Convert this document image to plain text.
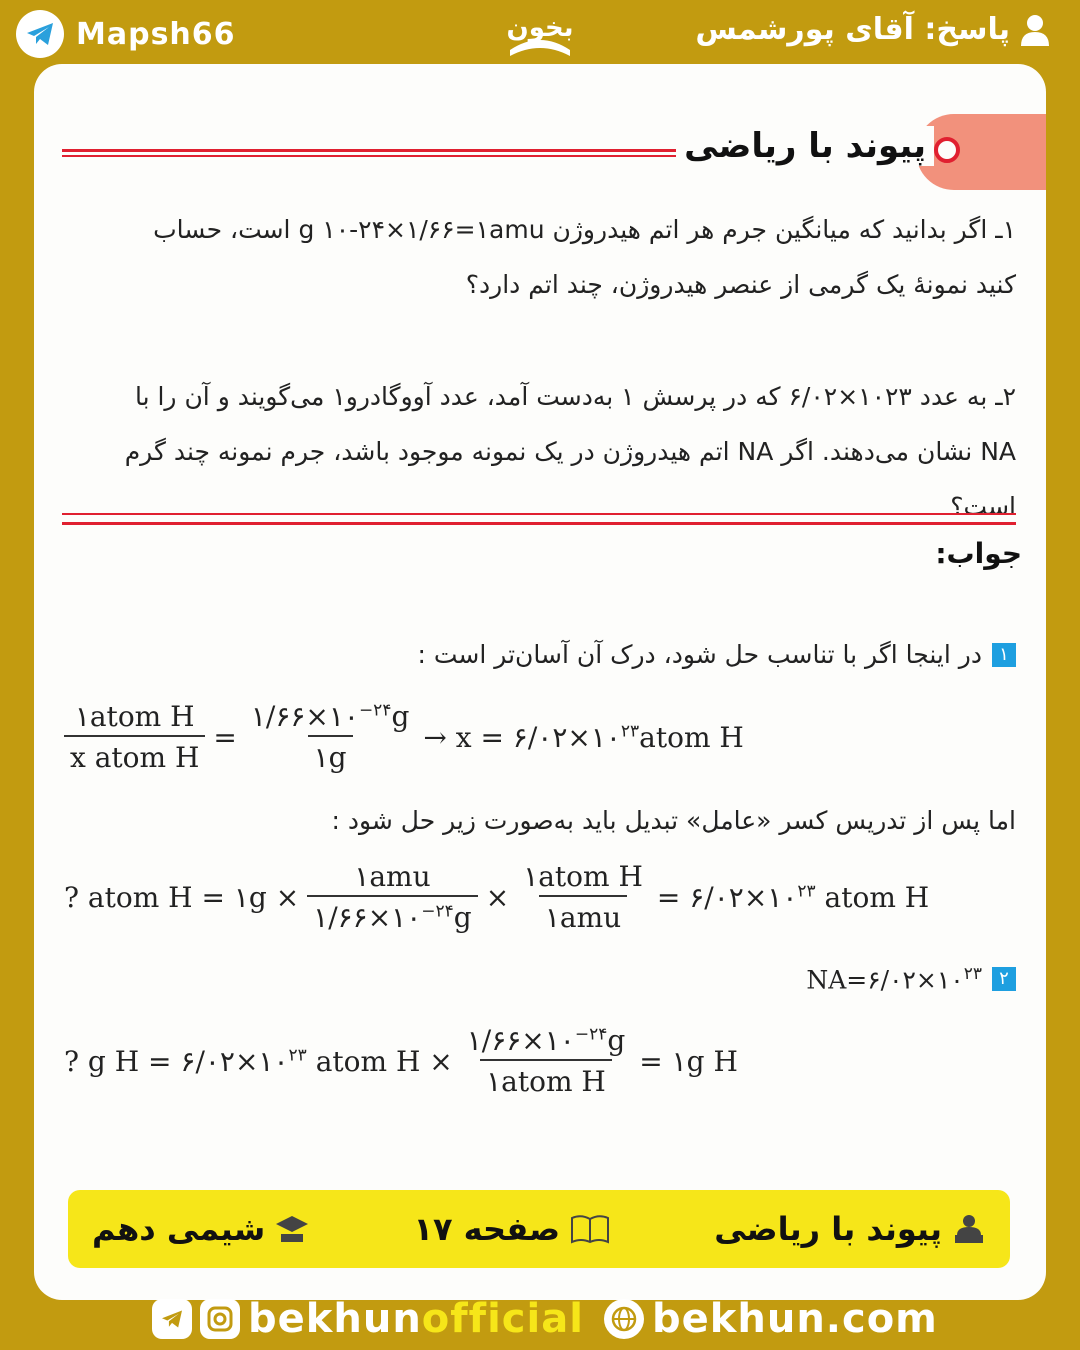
Mapsh66	بخون	پاسخ: آقای پورشمس
پیوند با ریاضی
۱ـ اگر بدانید که میانگین جرم هر اتم هیدروژن g ۱۰‑۲۴×۱/۶۶=۱amu است، حساب
کنید نمونۀ یک گرمی از عنصر هیدروژن، چند اتم دارد؟
۲ـ به عدد ۱۰۲۳×۶/۰۲ که در پرسش ۱ به‌دست آمد، عدد آووگادرو۱ می‌گویند و آن را با
NA نشان می‌دهند. اگر NA اتم هیدروژن در یک نمونه موجود باشد، جرم نمونه چند گرم است؟
جواب:
۱
در اینجا اگر با تناسب حل شود، درک آن آسان‌تر است :
$\frac{\text{۱atom H}}{\text{x atom H}} = \frac{۱/۶۶\times ۱۰^{-۲۴}g}{۱g} \to x$ = $۶/۰۲\times ۱۰^{۲۳}atom$ H
اما پس از تدریس کسر «عامل» تبدیل باید به‌صورت زیر حل شود :
? atom H = ۱g × $\frac{\text{۱amu}}{۱/۶۶\times ۱۰^{-۲۴}g} \times \frac{\text{۱atom H}}{\text{۱amu}}$ = $۶/۰۲\times ۱۰^{۲۳}$ atom H
۲
$NA=۶/۰۲\times ۱۰^{۲۳}$
? g $H = ۶/۰۲\times ۱۰^{۲۳}$ atom $H \times \frac{۱/۶۶\times ۱۰^{-۲۴}g}{\text{۱atom H}}$ = ۱g H
شیمی دهم	صفحه ۱۷	پیوند با ریاضی
bekhunofficial bekhun.com
